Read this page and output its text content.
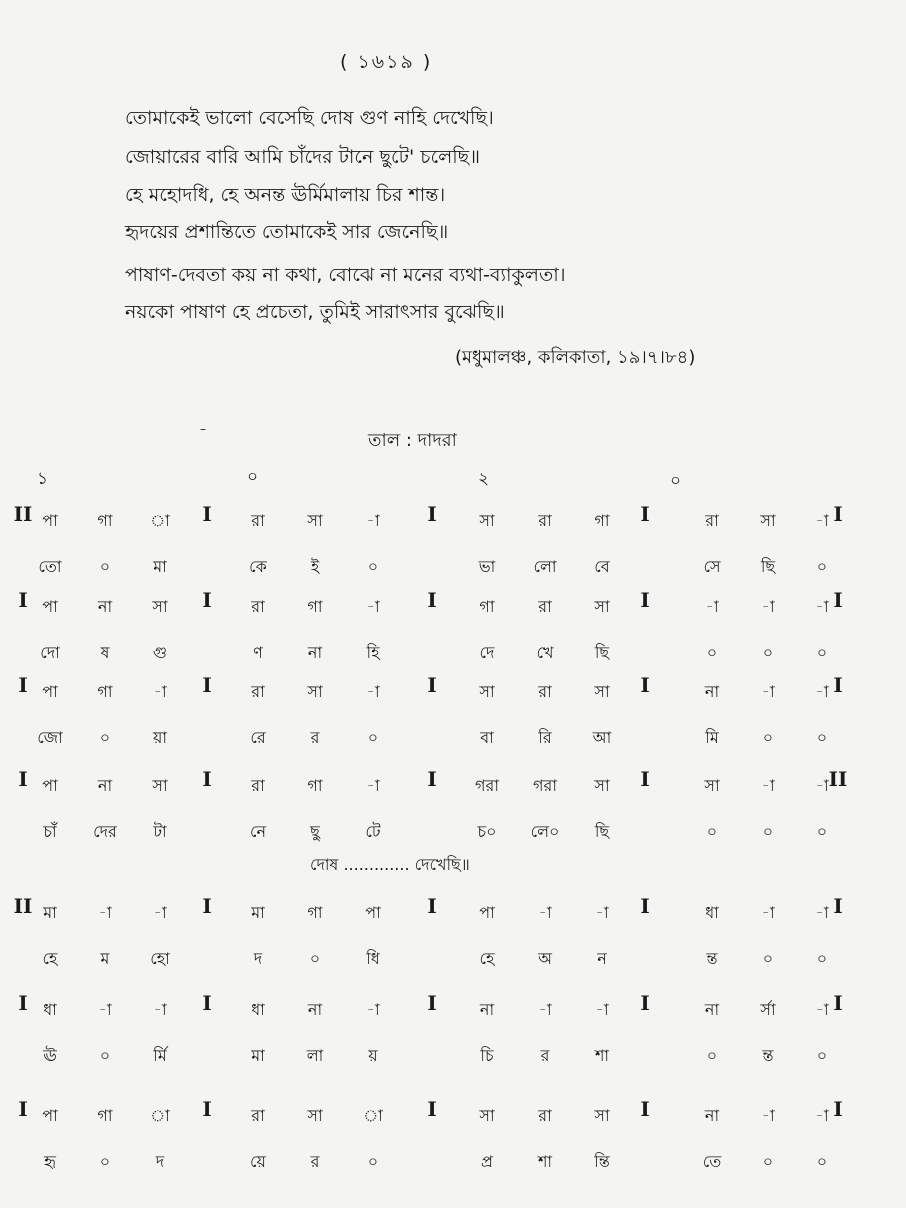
( ১৬১৯ )
তোমাকেই ভালো বেসেছি দোষ গুণ নাহি দেখেছি।
জোয়ারের বারি আমি চাঁদের টানে ছুটে' চলেছি॥
হে মহোদধি, হে অনন্ত ঊর্মিমালায় চির শান্ত।
হৃদয়ের প্রশান্তিতে তোমাকেই সার জেনেছি॥
পাষাণ-দেবতা কয় না কথা, বোঝে না মনের ব্যথা-ব্যাকুলতা।
নয়কো পাষাণ হে প্রচেতা, তুমিই সারাৎসার বুঝেছি॥
(মধুমালঞ্চ, কলিকাতা, ১৯।৭।৮৪)
–
তাল : দাদরা
১	০	২	০
II	I	I	I	I
পা গা া	রা	সা	-া	সা	রা	গা	রা	সা -া
তো ০	মা	কে	ই	০	ভা লো বে	সে	ছি	০
I	I	I	I	I
পা	না	সা	রা	গা	-া	গা	রা	সা	-া	-া	-া
দো	ষ	গু	ণ	না	হি	দে	খে	ছি	০	০	০
I	I	I	I	I
পা গা	-া	রা	সা	-া	সা	রা	সা	না	-া	-া
জো ০	য়া	রে	র	০	বা	রি	আ	মি	০	০
I	I	I	I	II
পা	না	সা	রা	গা	-া	গরা গরা সা	সা	-া	-া
চাঁ দের টা	নে	ছু	টে	চ০ লে০ ছি	০	০	০
II	I	I	I	I
মা	-া	-া	মা	গা	পা	পা	-া	-া	ধা	-া	-া
হে	ম	হো	দ	০	ধি	হে	অ	ন	ন্ত	০	০
I	I	I	I	I
ধা	-া	-া	ধা	না	-া	না	-া	-া	না	র্সা -া
ঊ	০	র্মি	মা	লা	য়	চি	র	শা	০	ন্ত	০
I	I	I	I	I
পা গা া	রা	সা	া	সা	রা	সা	না	-া	-া
হৃ	০	দ	য়ে	র	০	প্র	শা	ন্তি	তে	০	০
দোষ ............. দেখেছি॥
